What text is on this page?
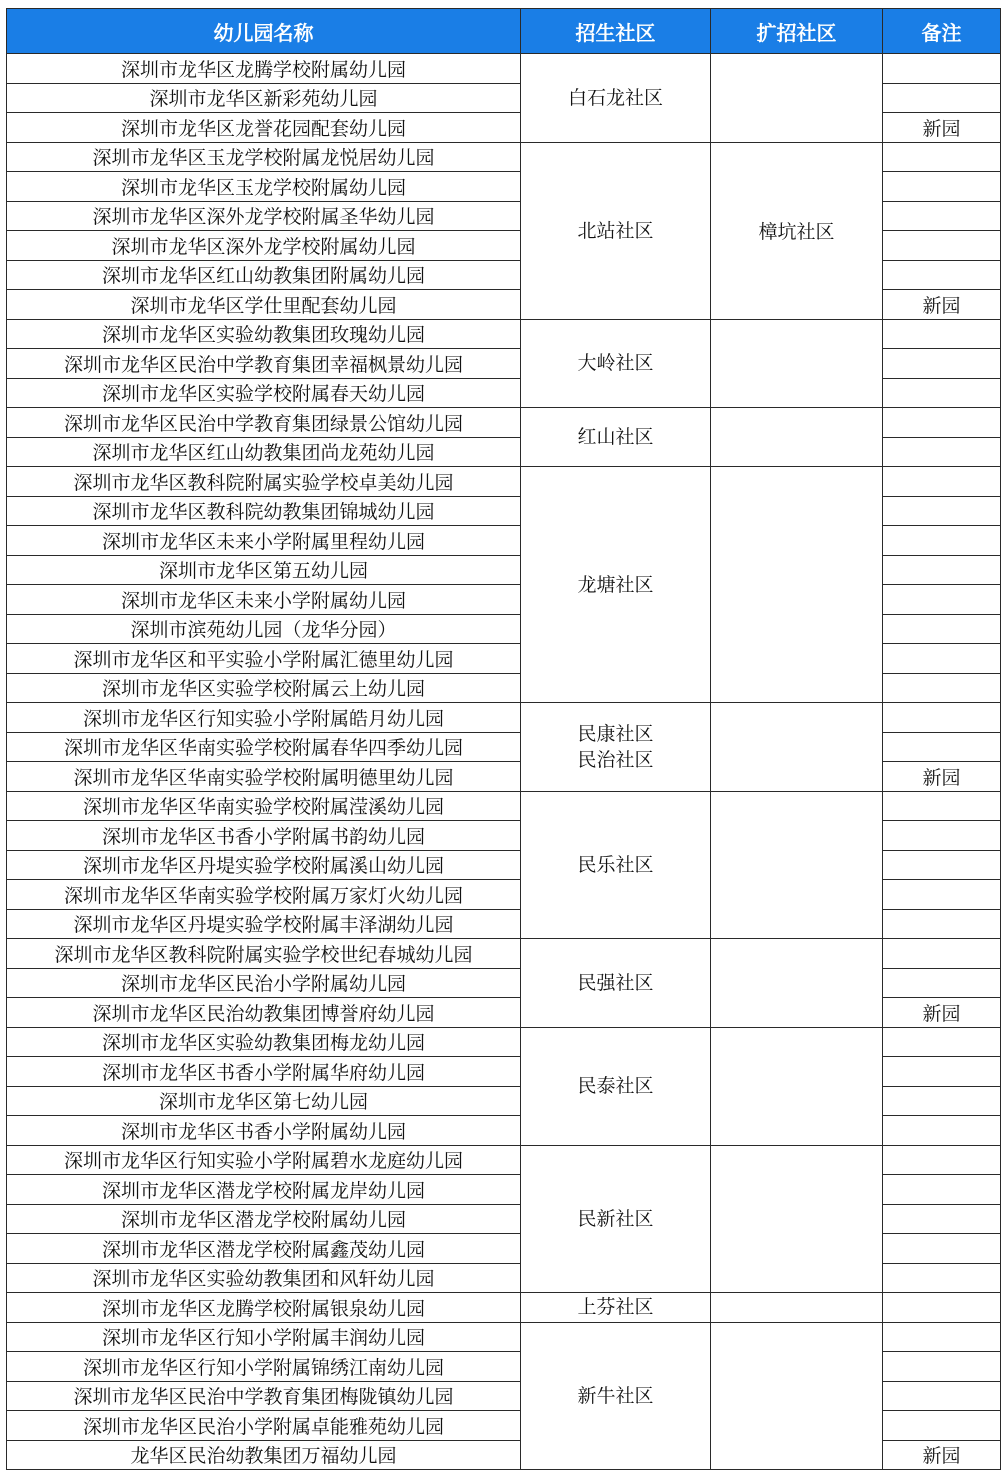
幼儿园名称	招生社区	扩招社区	备注
深圳市龙华区龙腾学校附属幼儿园	白石龙社区		

深圳市龙华区新彩苑幼儿园			
深圳市龙华区龙誉花园配套幼儿园			新园
深圳市龙华区玉龙学校附属龙悦居幼儿园	北站社区	樟坑社区	
深圳市龙华区玉龙学校附属幼儿园			
深圳市龙华区深外龙学校附属圣华幼儿园			
深圳市龙华区深外龙学校附属幼儿园			
深圳市龙华区红山幼教集团附属幼儿园			
深圳市龙华区学仕里配套幼儿园			新园
深圳市龙华区实验幼教集团玫瑰幼儿园	大岭社区		

深圳市龙华区民治中学教育集团幸福枫景幼儿园			
深圳市龙华区实验学校附属春天幼儿园			
深圳市龙华区民治中学教育集团绿景公馆幼儿园	红山社区		

深圳市龙华区红山幼教集团尚龙苑幼儿园			
深圳市龙华区教科院附属实验学校卓美幼儿园	龙塘社区		

深圳市龙华区教科院幼教集团锦城幼儿园			
深圳市龙华区未来小学附属里程幼儿园			
深圳市龙华区第五幼儿园			
深圳市龙华区未来小学附属幼儿园			
深圳市滨苑幼儿园（龙华分园）			
深圳市龙华区和平实验小学附属汇德里幼儿园			
深圳市龙华区实验学校附属云上幼儿园			
深圳市龙华区行知实验小学附属皓月幼儿园	民康社区
民治社区		

深圳市龙华区华南实验学校附属春华四季幼儿园			
深圳市龙华区华南实验学校附属明德里幼儿园			新园
深圳市龙华区华南实验学校附属滢溪幼儿园	民乐社区		

深圳市龙华区书香小学附属书韵幼儿园			
深圳市龙华区丹堤实验学校附属溪山幼儿园			
深圳市龙华区华南实验学校附属万家灯火幼儿园			
深圳市龙华区丹堤实验学校附属丰泽湖幼儿园			
深圳市龙华区教科院附属实验学校世纪春城幼儿园	民强社区		

深圳市龙华区民治小学附属幼儿园			
深圳市龙华区民治幼教集团博誉府幼儿园			新园
深圳市龙华区实验幼教集团梅龙幼儿园	民泰社区		

深圳市龙华区书香小学附属华府幼儿园			
深圳市龙华区第七幼儿园			
深圳市龙华区书香小学附属幼儿园			
深圳市龙华区行知实验小学附属碧水龙庭幼儿园	民新社区		

深圳市龙华区潜龙学校附属龙岸幼儿园			
深圳市龙华区潜龙学校附属幼儿园			
深圳市龙华区潜龙学校附属鑫茂幼儿园			
深圳市龙华区实验幼教集团和风轩幼儿园			
深圳市龙华区龙腾学校附属银泉幼儿园	上芬社区		

深圳市龙华区行知小学附属丰润幼儿园	新牛社区		

深圳市龙华区行知小学附属锦绣江南幼儿园			
深圳市龙华区民治中学教育集团梅陇镇幼儿园			
深圳市龙华区民治小学附属卓能雅苑幼儿园			
龙华区民治幼教集团万福幼儿园			新园
